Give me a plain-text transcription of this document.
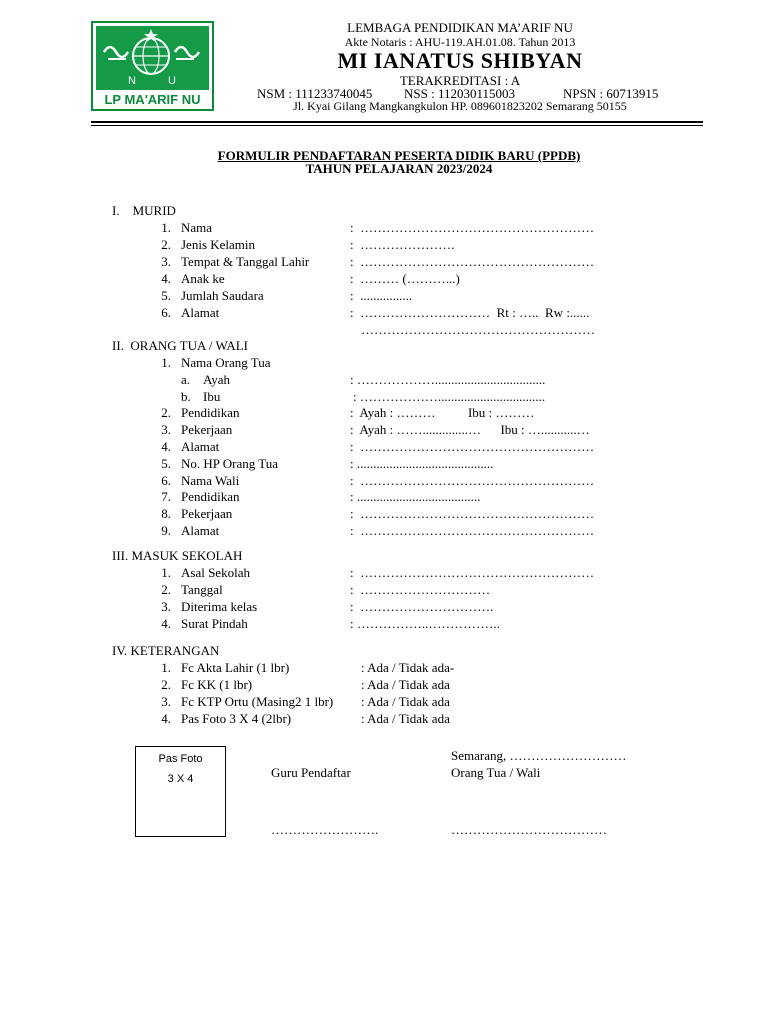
N	U
LP MA'ARIF NU
LEMBAGA PENDIDIKAN MA’ARIF NU
Akte Notaris : AHU-119.AH.01.08. Tahun 2013
MI IANATUS SHIBYAN
TERAKREDITASI : A
NSM : 111233740045 NSS : 112030115003	NPSN : 60713915
Jl. Kyai Gilang Mangkangkulon HP. 089601823202 Semarang 50155
FORMULIR PENDAFTARAN PESERTA DIDIK BARU (PPDB)
TAHUN PELAJARAN 2023/2024
I.    MURID
1. Nama	:  ………………………………………………
2. Jenis Kelamin	:  ………………….
3. Tempat & Tanggal Lahir	:  ………………………………………………
4. Anak ke	:  ……… (………...)
5. Jumlah Saudara	:  ................
6. Alamat	:  …………………………  Rt : …..  Rw :......
………………………………………………
II.  ORANG TUA / WALI
1. Nama Orang Tua
a. Ayah	: ………………..................................
b. Ibu	: ……………….................................
2. Pendidikan	:  Ayah : ………          Ibu : ………
3. Pekerjaan	:  Ayah : ……..............…      Ibu : …...........…
4. Alamat	:  ………………………………………………
5. No. HP Orang Tua	: ..........................................
6. Nama Wali	:  ………………………………………………
7. Pendidikan	: ......................................
8. Pekerjaan	:  ………………………………………………
9. Alamat	:  ………………………………………………
III. MASUK SEKOLAH
1. Asal Sekolah	:  ………………………………………………
2. Tanggal	:  …………………………
3. Diterima kelas	:  ………………………….
4. Surat Pindah	: ……………..……………..
IV. KETERANGAN
1. Fc Akta Lahir (1 lbr)	: Ada / Tidak ada-
2. Fc KK (1 lbr)	: Ada / Tidak ada
3. Fc KTP Ortu (Masing2 1 lbr) : Ada / Tidak ada
4. Pas Foto 3 X 4 (2lbr)	: Ada / Tidak ada
Pas Foto
3 X 4
Semarang, ………………………
Guru Pendaftar	Orang Tua / Wali
…………………….	………………………………
